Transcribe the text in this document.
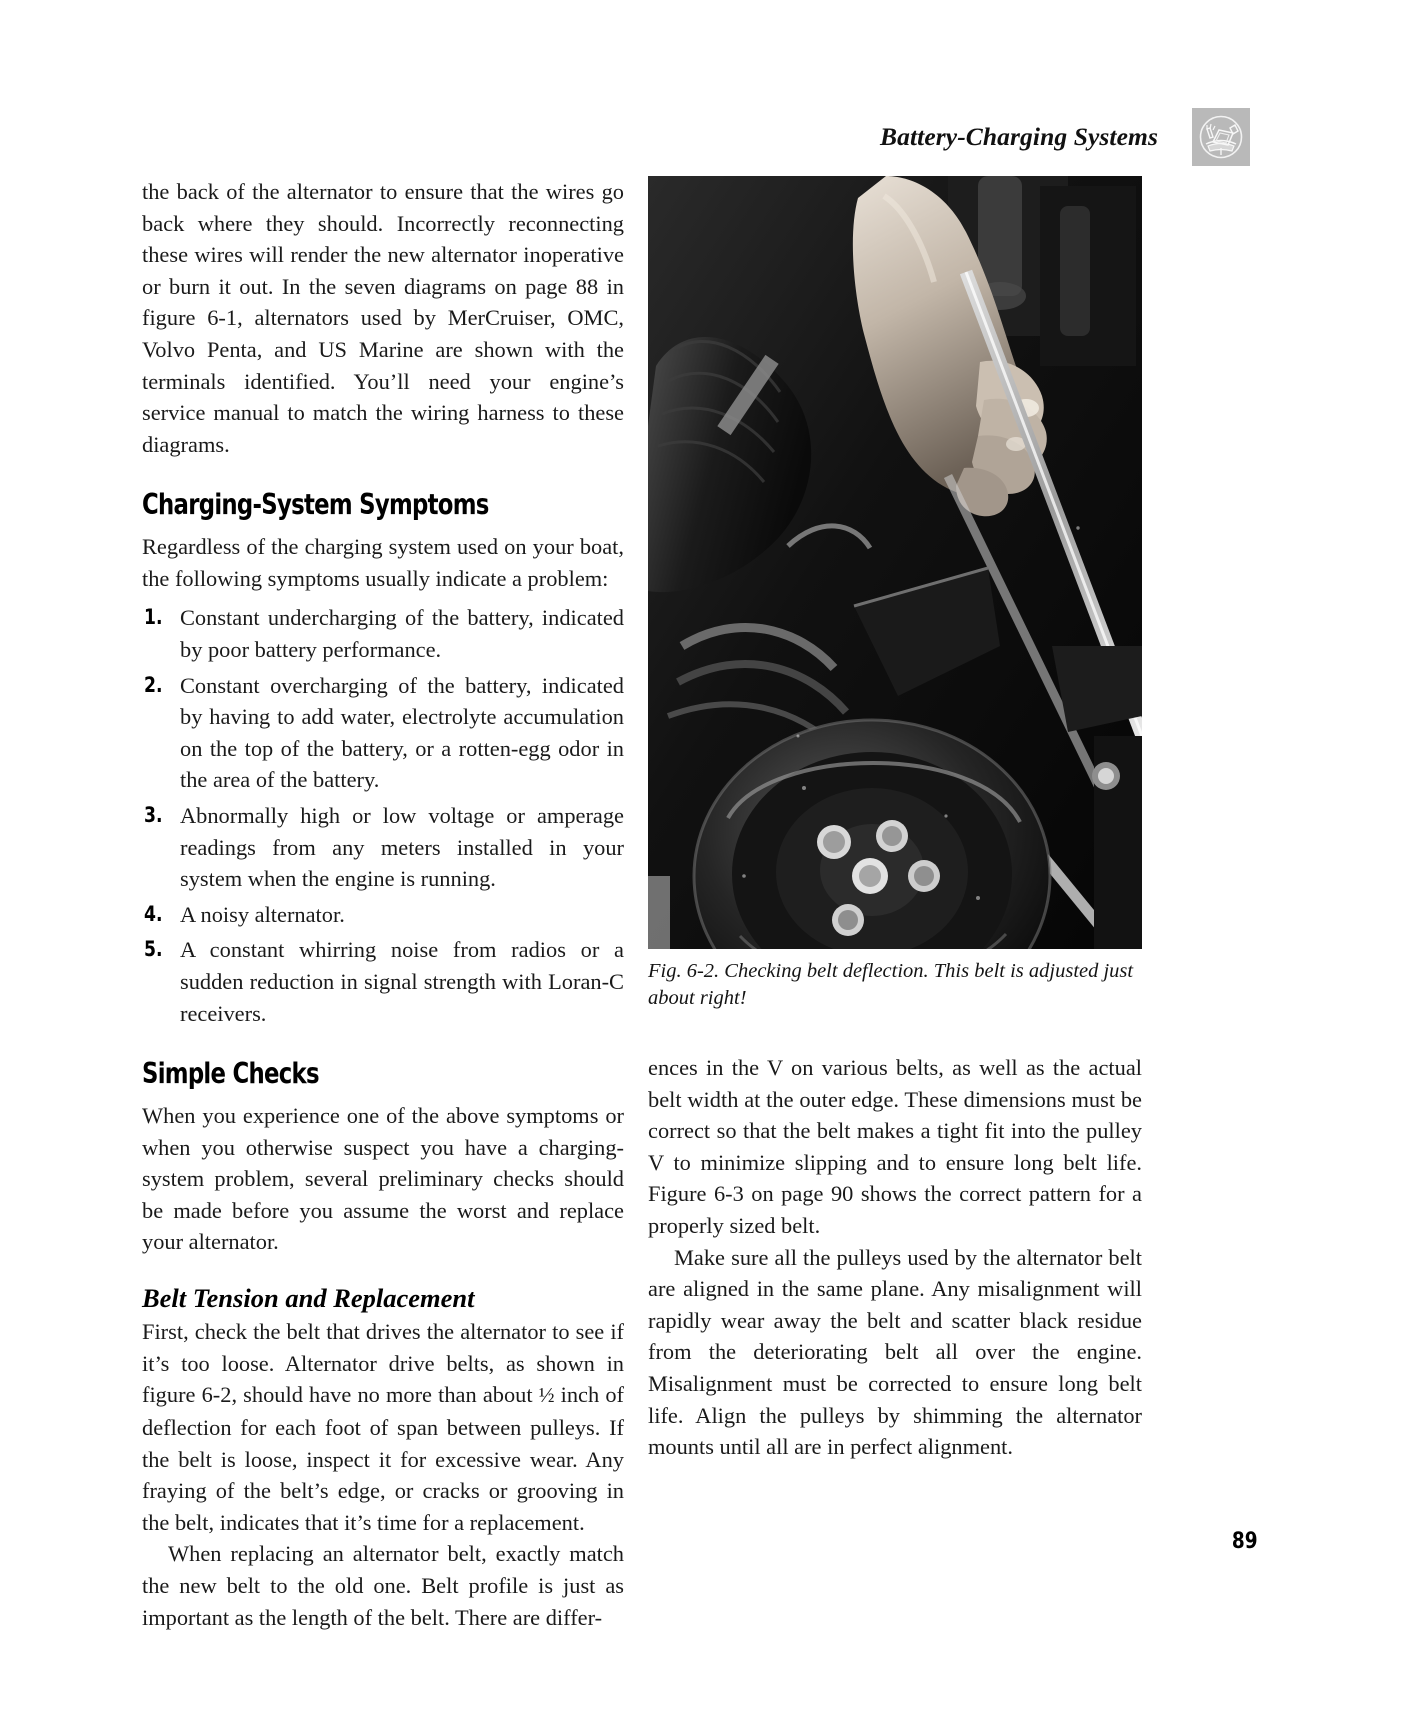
Battery-Charging Systems

the back of the alternator to ensure that the wires go back where they should. Incorrectly reconnecting these wires will render the new alternator inoperative or burn it out. In the seven diagrams on page 88 in figure 6-1, alternators used by MerCruiser, OMC, Volvo Penta, and US Marine are shown with the terminals identified. You’ll need your engine’s service manual to match the wiring harness to these diagrams.

Charging-System Symptoms

Regardless of the charging system used on your boat, the following symptoms usually indicate a problem:

1. Constant undercharging of the battery, indicated by poor battery performance.
2. Constant overcharging of the battery, indicated by having to add water, electrolyte accumulation on the top of the battery, or a rotten-egg odor in the area of the battery.
3. Abnormally high or low voltage or amperage readings from any meters installed in your system when the engine is running.
4. A noisy alternator.
5. A constant whirring noise from radios or a sudden reduction in signal strength with Loran-C receivers.
Simple Checks

When you experience one of the above symptoms or when you otherwise suspect you have a charging-system problem, several preliminary checks should be made before you assume the worst and replace your alternator.

Belt Tension and Replacement

First, check the belt that drives the alternator to see if it’s too loose. Alternator drive belts, as shown in figure 6-2, should have no more than about ½ inch of deflection for each foot of span between pulleys. If the belt is loose, inspect it for excessive wear. Any fraying of the belt’s edge, or cracks or grooving in the belt, indicates that it’s time for a replacement.

When replacing an alternator belt, exactly match the new belt to the old one. Belt profile is just as important as the length of the belt. There are differ-

Fig. 6-2. Checking belt deflection. This belt is adjusted just about right!

ences in the V on various belts, as well as the actual belt width at the outer edge. These dimensions must be correct so that the belt makes a tight fit into the pulley V to minimize slipping and to ensure long belt life. Figure 6-3 on page 90 shows the correct pattern for a properly sized belt.

Make sure all the pulleys used by the alternator belt are aligned in the same plane. Any misalignment will rapidly wear away the belt and scatter black residue from the deteriorating belt all over the engine. Misalignment must be corrected to ensure long belt life. Align the pulleys by shimming the alternator mounts until all are in perfect alignment.

89
